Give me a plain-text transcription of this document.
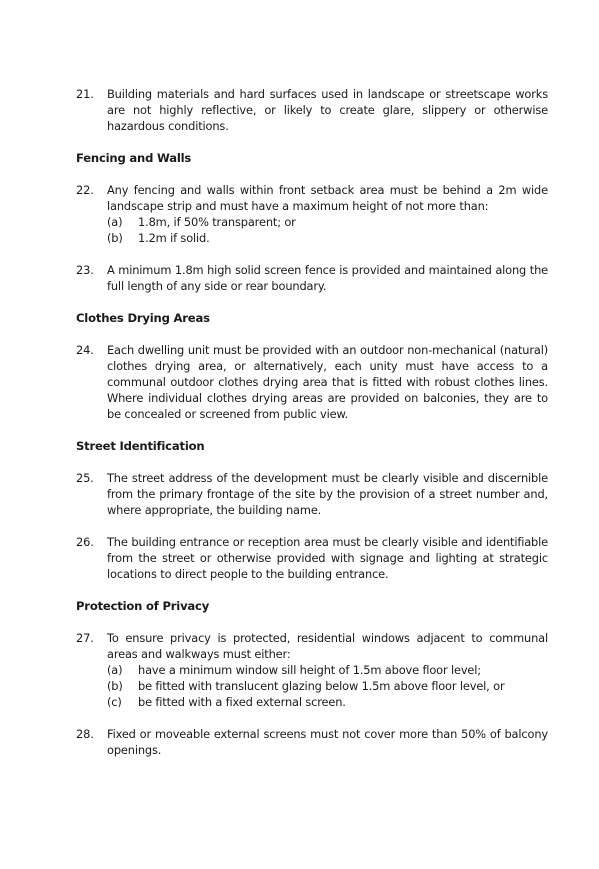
21.	Building materials and hard surfaces used in landscape or streetscape works are not highly reflective, or likely to create glare, slippery or otherwise hazardous conditions.
Fencing and Walls
22.	Any fencing and walls within front setback area must be behind a 2m wide landscape strip and must have a maximum height of not more than:
(a)	1.8m, if 50% transparent; or
(b)	1.2m if solid.
23.	A minimum 1.8m high solid screen fence is provided and maintained along the full length of any side or rear boundary.
Clothes Drying Areas
24.	Each dwelling unit must be provided with an outdoor non-mechanical (natural) clothes drying area, or alternatively, each unity must have access to a communal outdoor clothes drying area that is fitted with robust clothes lines. Where individual clothes drying areas are provided on balconies, they are to be concealed or screened from public view.
Street Identification
25.	The street address of the development must be clearly visible and discernible from the primary frontage of the site by the provision of a street number and, where appropriate, the building name.
26.	The building entrance or reception area must be clearly visible and identifiable from the street or otherwise provided with signage and lighting at strategic locations to direct people to the building entrance.
Protection of Privacy
27.	To ensure privacy is protected, residential windows adjacent to communal areas and walkways must either:
(a)	have a minimum window sill height of 1.5m above floor level;
(b)	be fitted with translucent glazing below 1.5m above floor level, or
(c)	be fitted with a fixed external screen.
28.	Fixed or moveable external screens must not cover more than 50% of balcony openings.
